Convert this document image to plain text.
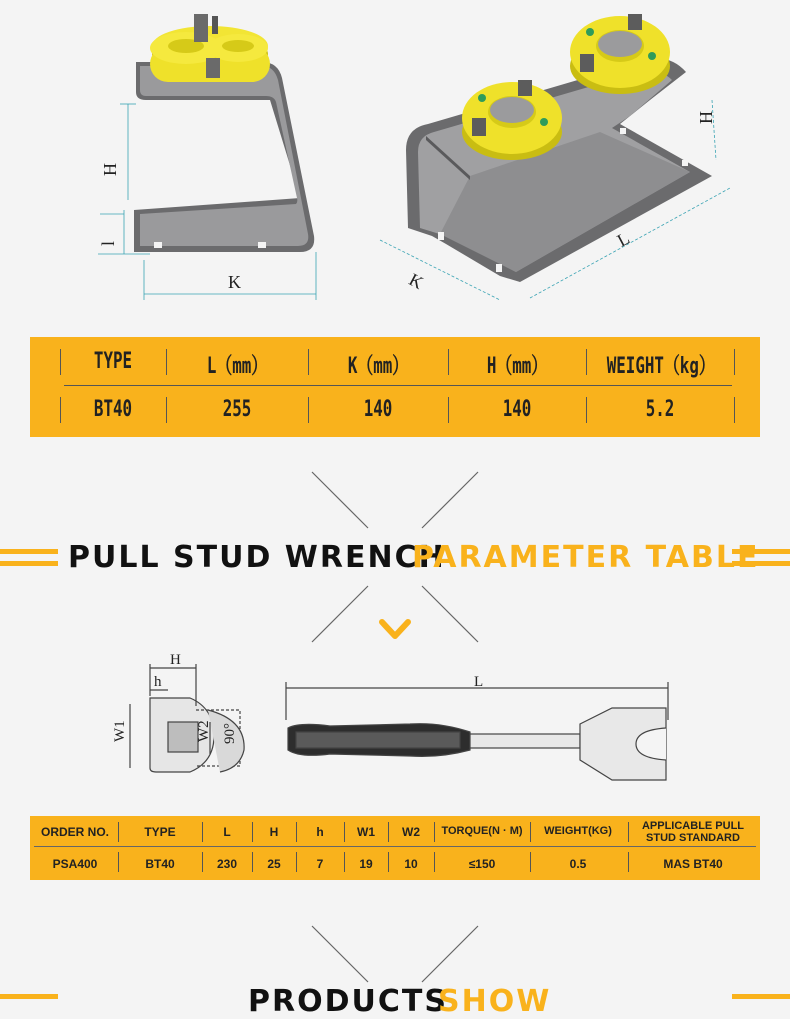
H
l
K
L
K
H
TYPE	L（mm）	K（mm）	H（mm）	WEIGHT（kg）
BT40	255	140	140	5.2
PULL STUD WRENCH
PARAMETER TABLE
H
h
W1	W2 90°
L
ORDER NO.	TYPE	L	H	h	W1	W2	TORQUE(N · M)	WEIGHT(KG)	APPLICABLE PULL STUD STANDARD
PSA400	BT40	230	25	7	19	10	≤150	0.5	MAS BT40
PRODUCTS
SHOW
